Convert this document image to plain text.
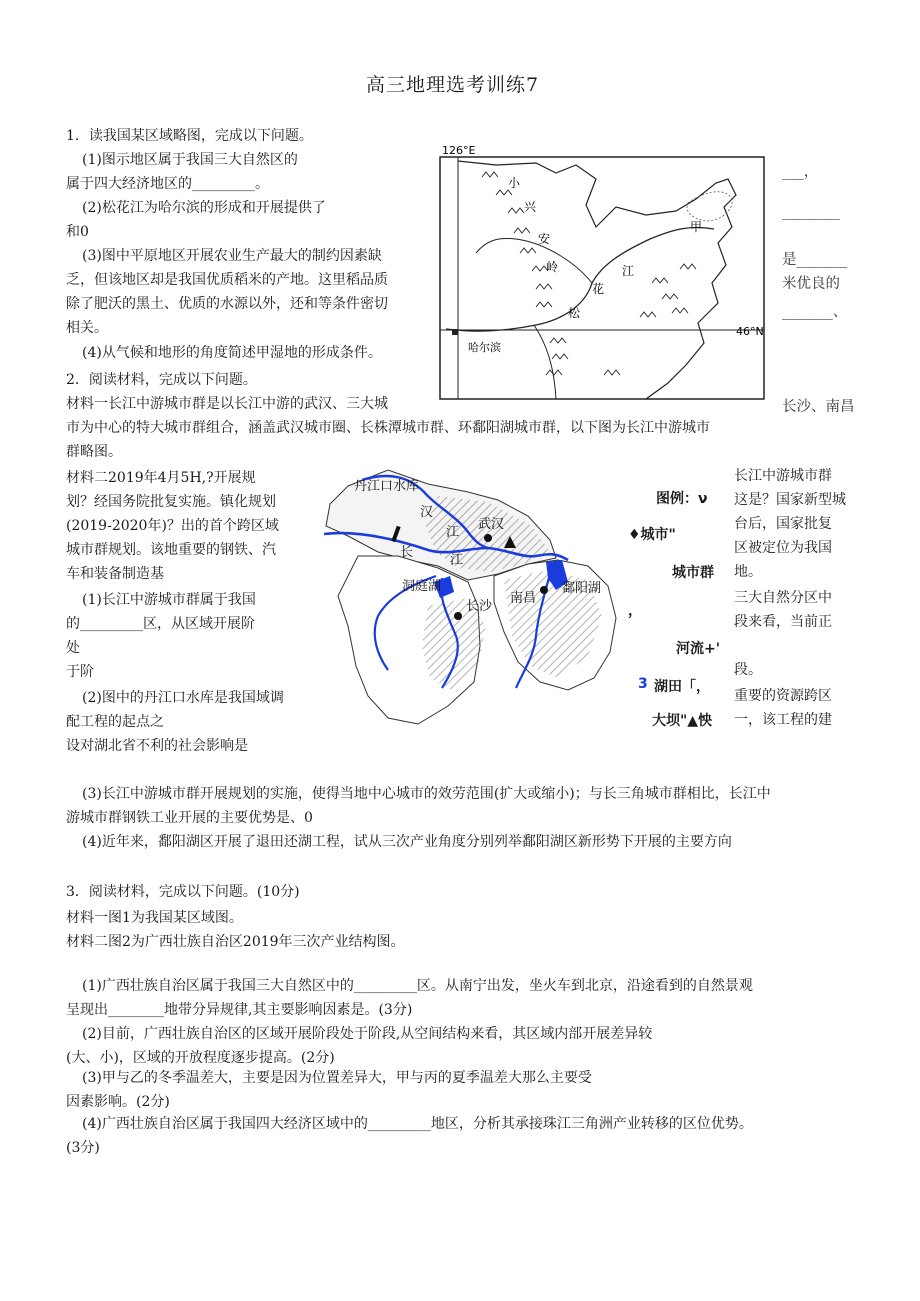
高三地理选考训练7
1．读我国某区域略图，完成以下问题。
(1)图示地区属于我国三大自然区的
属于四大经济地区的_________。
(2)松花江为哈尔滨的形成和开展提供了
和0
(3)图中平原地区开展农业生产最大的制约因素缺
乏，但该地区却是我国优质稻米的产地。这里稻品质
除了肥沃的黑土、优质的水源以外，还和等条件密切
相关。
(4)从气候和地形的角度简述甲湿地的形成条件。
___，
________
是_______
米优良的
_______、
长沙、南昌
126°E
46°N
甲
小
兴
安
岭	江
花
松
哈尔滨
2．阅读材料，完成以下问题。
材料一长江中游城市群是以长江中游的武汉、三大城
市为中心的特大城市群组合，涵盖武汉城市圈、长株潭城市群、环鄱阳湖城市群，以下图为长江中游城市
群略图。
材料二2019年4月5H,?开展规
划？经国务院批复实施。镇化规划
(2019-2020年)？出的首个跨区域
城市群规划。该地重要的钢铁、汽
车和装备制造基
(1)长江中游城市群属于我国
的_________区，从区域开展阶
处
于阶
(2)图中的丹江口水库是我国域调
配工程的起点之
设对湖北省不利的社会影响是
丹江口水库
汉
江
武汉
长
江
洞庭湖
长沙
南昌
鄱阳湖
图例：ν
♦城市"
城市群
，
河流+'
3 湖田「，
大坝"▲怏
长江中游城市群
这是？国家新型城
台后，国家批复
区被定位为我国
地。
三大自然分区中
段来看，当前正
段。
重要的资源跨区
一，该工程的建
(3)长江中游城市群开展规划的实施，使得当地中心城市的效劳范围(扩大或缩小)；与长三角城市群相比，长江中
游城市群钢铁工业开展的主要优势是、0
(4)近年来，鄱阳湖区开展了退田还湖工程，试从三次产业角度分别列举鄱阳湖区新形势下开展的主要方向
3．阅读材料，完成以下问题。(10分)
材料一图1为我国某区域图。
材料二图2为广西壮族自治区2019年三次产业结构图。
(1)广西壮族自治区属于我国三大自然区中的_________区。从南宁出发，坐火车到北京，沿途看到的自然景观
呈现出________地带分异规律,其主要影响因素是。(3分)
(2)目前，广西壮族自治区的区域开展阶段处于阶段,从空间结构来看，其区域内部开展差异较
(大、小)，区域的开放程度逐步提高。(2分)
(3)甲与乙的冬季温差大，主要是因为位置差异大，甲与丙的夏季温差大那么主要受
因素影响。(2分)
(4)广西壮族自治区属于我国四大经济区域中的_________地区，分析其承接珠江三角洲产业转移的区位优势。
(3分)
